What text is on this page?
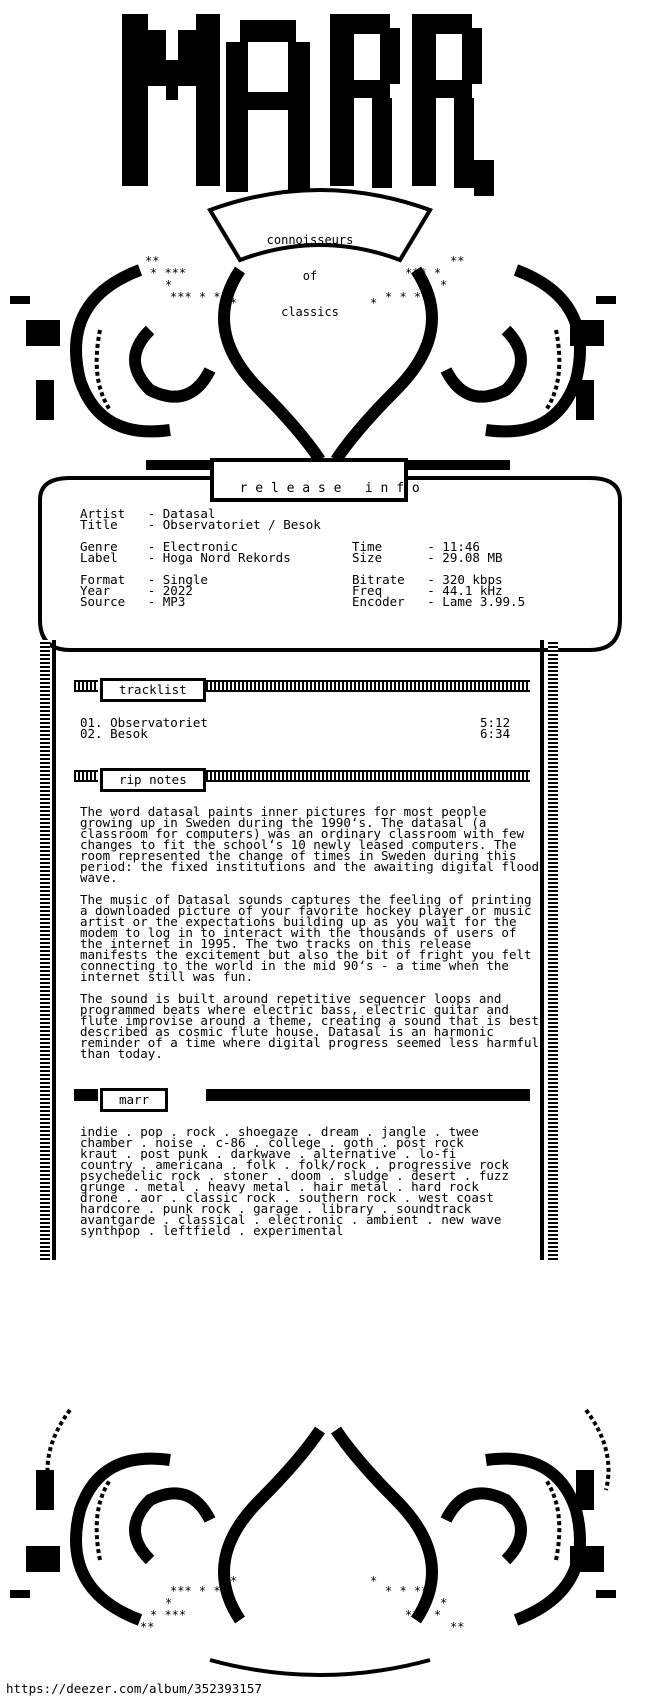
**
* ***
*
*** * * *
**
*** *
*
* * ***
*

connoisseurs

of

classics

r e l e a s e   i n f o

Artist   - Datasal
Title    - Observatoriet / Besok

Genre    - Electronic
Label    - Hoga Nord Rekords

Format   - Single
Year     - 2022
Source   - MP3

Time      - 11:46
Size      - 29.08 MB

Bitrate   - 320 kbps
Freq      - 44.1 kHz
Encoder   - Lame 3.99.5
tracklist
01. Observatoriet	5:12
02. Besok	6:34
rip notes
The word datasal paints inner pictures for most people
growing up in Sweden during the 1990‘s. The datasal (a
classroom for computers) was an ordinary classroom with few
changes to fit the school‘s 10 newly leased computers. The
room represented the change of times in Sweden during this
period: the fixed institutions and the awaiting digital flood
wave.
The music of Datasal sounds captures the feeling of printing
a downloaded picture of your favorite hockey player or music
artist or the expectations building up as you wait for the
modem to log in to interact with the thousands of users of
the internet in 1995. The two tracks on this release
manifests the excitement but also the bit of fright you felt
connecting to the world in the mid 90‘s - a time when the
internet still was fun.
The sound is built around repetitive sequencer loops and
programmed beats where electric bass, electric guitar and
flute improvise around a theme, creating a sound that is best
described as cosmic flute house. Datasal is an harmonic
reminder of a time where digital progress seemed less harmful
than today.
marr
indie . pop . rock . shoegaze . dream . jangle . twee
chamber . noise . c-86 . college . goth . post rock
kraut . post punk . darkwave . alternative . lo-fi
country . americana . folk . folk/rock . progressive rock
psychedelic rock . stoner . doom . sludge . desert . fuzz
grunge . metal . heavy metal . hair metal . hard rock
drone . aor . classic rock . southern rock . west coast
hardcore . punk rock . garage . library . soundtrack
avantgarde . classical . electronic . ambient . new wave
synthpop . leftfield . experimental
*
*** * *
*
* ***
**
*
* * ***
*
*** *
**
https://deezer.com/album/352393157
